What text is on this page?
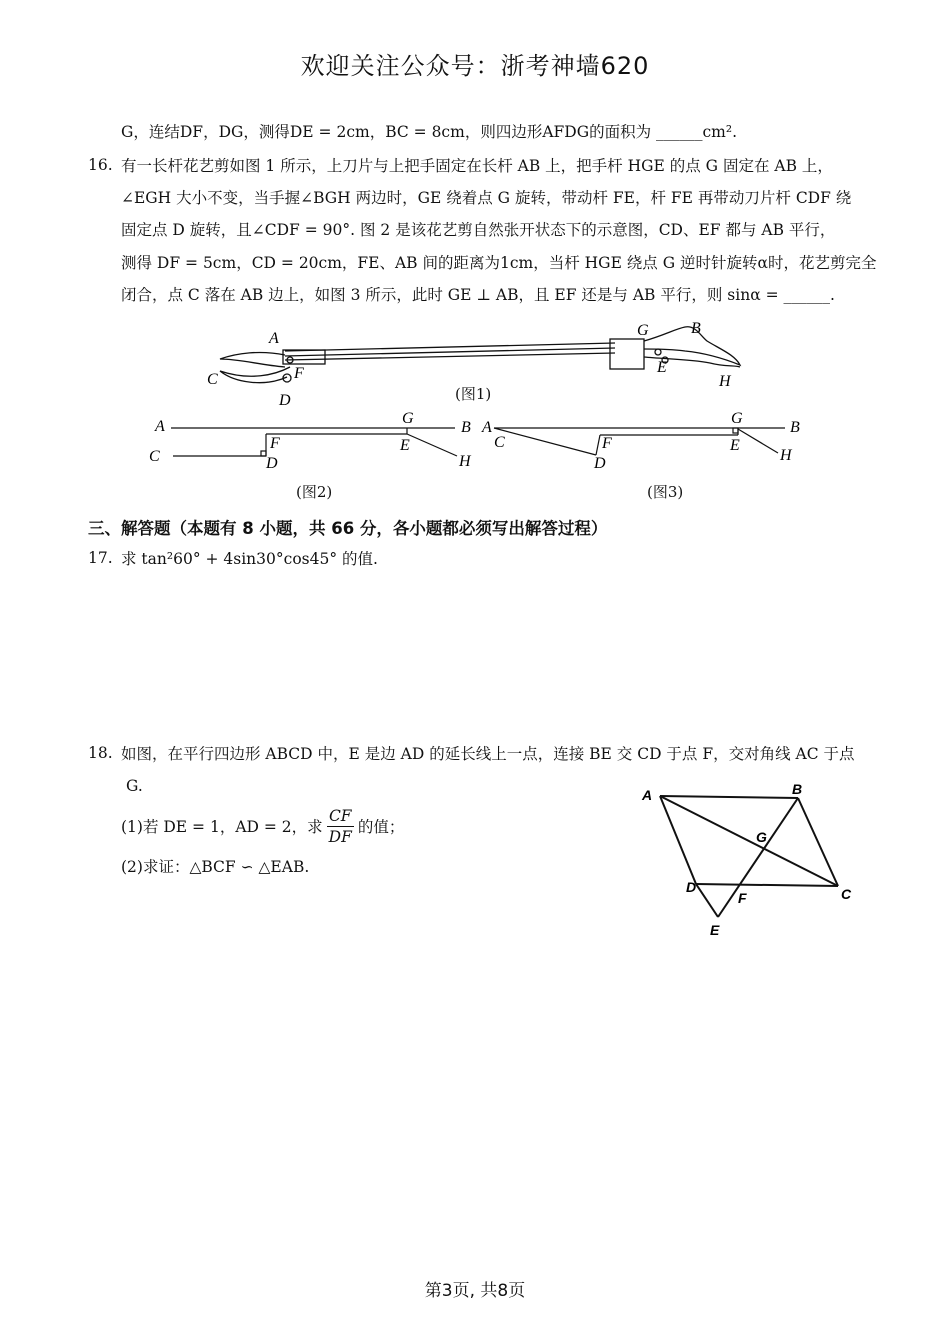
欢迎关注公众号：浙考神墙620
G，连结DF，DG，测得DE = 2cm，BC = 8cm，则四边形AFDG的面积为 ______cm².
16. 有一长杆花艺剪如图 1 所示，上刀片与上把手固定在长杆 AB 上，把手杆 HGE 的点 G 固定在 AB 上，
∠EGH 大小不变，当手握∠BGH 两边时，GE 绕着点 G 旋转，带动杆 FE，杆 FE 再带动刀片杆 CDF 绕
固定点 D 旋转，且∠CDF = 90°. 图 2 是该花艺剪自然张开状态下的示意图，CD、EF 都与 AB 平行，
测得 DF = 5cm，CD = 20cm，FE、AB 间的距离为1cm，当杆 HGE 绕点 G 逆时针旋转α时，花艺剪完全
闭合，点 C 落在 AB 边上，如图 3 所示，此时 GE ⊥ AB，且 EF 还是与 AB 平行，则 sinα = ______.
A
C	F
D
G	B
E
H
(图1)
A
C
F
D
G
E
B
H
(图2)
A
C	F
D
G
E
B
H
(图3)
三、解答题（本题有 8 小题，共 66 分，各小题都必须写出解答过程）
17. 求 tan²60° + 4sin30°cos45° 的值.
18. 如图，在平行四边形 ABCD 中，E 是边 AD 的延长线上一点，连接 BE 交 CD 于点 F，交对角线 AC 于点
G.
(1)若 DE = 1，AD = 2，求 $\frac{CF}{DF}$ 的值；
(2)求证：△BCF ∽ △EAB.
A	B
G
D
F	C
E
第3页, 共8页
